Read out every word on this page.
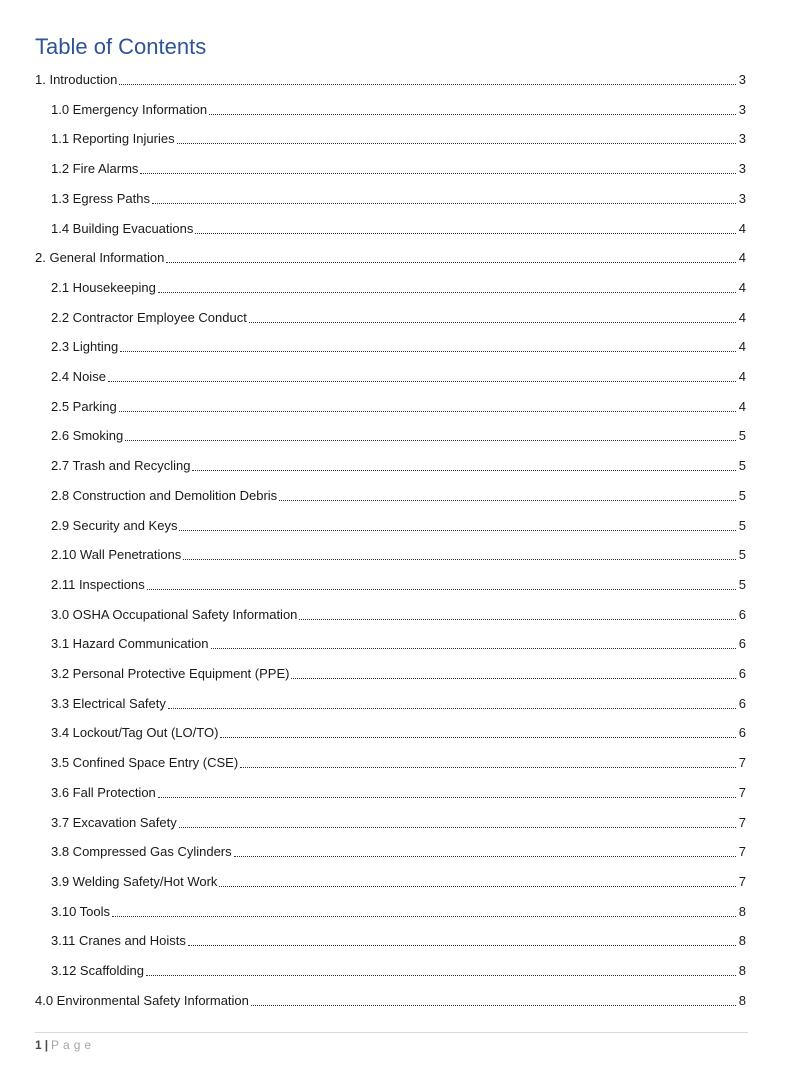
Table of Contents
1. Introduction	3
1.0 Emergency Information	3
1.1 Reporting Injuries	3
1.2 Fire Alarms	3
1.3 Egress Paths	3
1.4 Building Evacuations	4
2. General Information	4
2.1 Housekeeping	4
2.2 Contractor Employee Conduct	4
2.3 Lighting	4
2.4 Noise	4
2.5 Parking	4
2.6 Smoking	5
2.7 Trash and Recycling	5
2.8 Construction and Demolition Debris	5
2.9 Security and Keys	5
2.10 Wall Penetrations	5
2.11 Inspections	5
3.0 OSHA Occupational Safety Information	6
3.1 Hazard Communication	6
3.2 Personal Protective Equipment (PPE)	6
3.3 Electrical Safety	6
3.4 Lockout/Tag Out (LO/TO)	6
3.5 Confined Space Entry (CSE)	7
3.6 Fall Protection	7
3.7 Excavation Safety	7
3.8 Compressed Gas Cylinders	7
3.9 Welding Safety/Hot Work	7
3.10 Tools	8
3.11 Cranes and Hoists	8
3.12 Scaffolding	8
4.0 Environmental Safety Information	8
1 | Page
